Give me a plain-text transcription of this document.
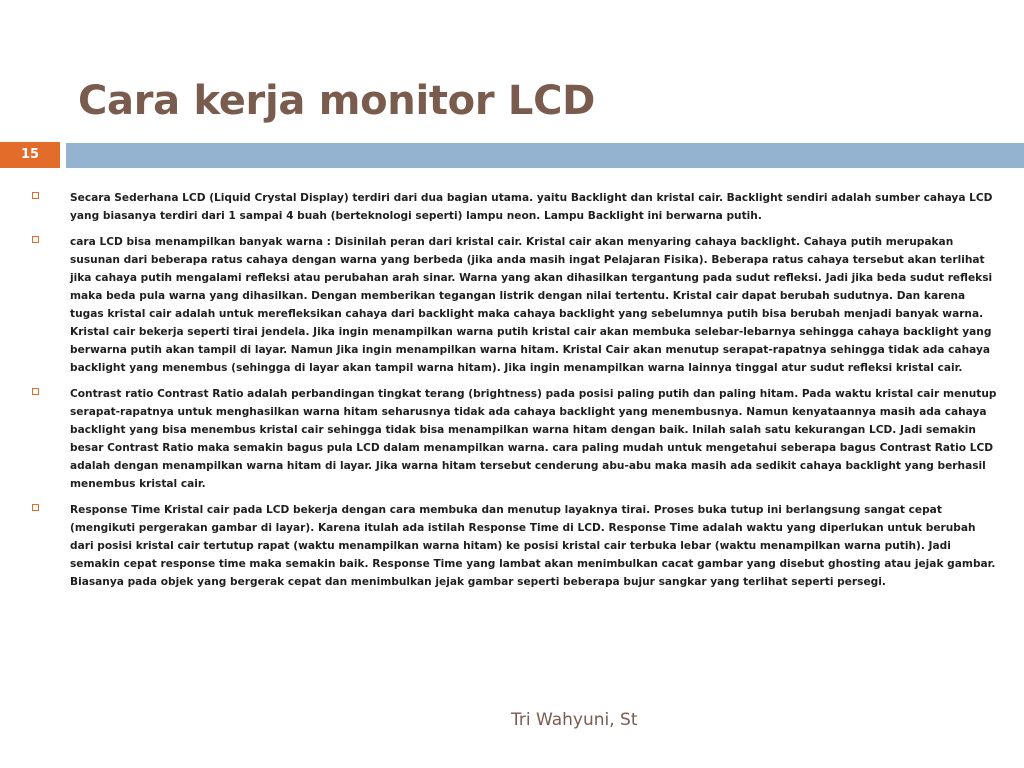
Cara kerja monitor LCD
15
Secara Sederhana LCD (Liquid Crystal Display) terdiri dari dua bagian utama. yaitu Backlight dan kristal cair. Backlight sendiri adalah sumber cahaya LCD yang biasanya terdiri dari 1 sampai 4 buah (berteknologi seperti) lampu neon. Lampu Backlight ini berwarna putih.
cara LCD bisa menampilkan banyak warna : Disinilah peran dari kristal cair. Kristal cair akan menyaring cahaya backlight. Cahaya putih merupakan susunan dari beberapa ratus cahaya dengan warna yang berbeda (jika anda masih ingat Pelajaran Fisika). Beberapa ratus cahaya tersebut akan terlihat jika cahaya putih mengalami refleksi atau perubahan arah sinar. Warna yang akan dihasilkan tergantung pada sudut refleksi. Jadi jika beda sudut refleksi maka beda pula warna yang dihasilkan. Dengan memberikan tegangan listrik dengan nilai tertentu. Kristal cair dapat berubah sudutnya. Dan karena tugas kristal cair adalah untuk merefleksikan cahaya dari backlight maka cahaya backlight yang sebelumnya putih bisa berubah menjadi banyak warna. Kristal cair bekerja seperti tirai jendela. Jika ingin menampilkan warna putih kristal cair akan membuka selebar-lebarnya sehingga cahaya backlight yang berwarna putih akan tampil di layar. Namun Jika ingin menampilkan warna hitam. Kristal Cair akan menutup serapat-rapatnya sehingga tidak ada cahaya backlight yang menembus (sehingga di layar akan tampil warna hitam). Jika ingin menampilkan warna lainnya tinggal atur sudut refleksi kristal cair.
Contrast ratio Contrast Ratio adalah perbandingan tingkat terang (brightness) pada posisi paling putih dan paling hitam. Pada waktu kristal cair menutup serapat-rapatnya untuk menghasilkan warna hitam seharusnya tidak ada cahaya backlight yang menembusnya. Namun kenyataannya masih ada cahaya backlight yang bisa menembus kristal cair sehingga tidak bisa menampilkan warna hitam dengan baik. Inilah salah satu kekurangan LCD. Jadi semakin besar Contrast Ratio maka semakin bagus pula LCD dalam menampilkan warna. cara paling mudah untuk mengetahui seberapa bagus Contrast Ratio LCD adalah dengan menampilkan warna hitam di layar. Jika warna hitam tersebut cenderung abu-abu maka masih ada sedikit cahaya backlight yang berhasil menembus kristal cair.
Response Time Kristal cair pada LCD bekerja dengan cara membuka dan menutup layaknya tirai. Proses buka tutup ini berlangsung sangat cepat (mengikuti pergerakan gambar di layar). Karena itulah ada istilah Response Time di LCD. Response Time adalah waktu yang diperlukan untuk berubah dari posisi kristal cair tertutup rapat (waktu menampilkan warna hitam) ke posisi kristal cair terbuka lebar (waktu menampilkan warna putih). Jadi semakin cepat response time maka semakin baik. Response Time yang lambat akan menimbulkan cacat gambar yang disebut ghosting atau jejak gambar. Biasanya pada objek yang bergerak cepat dan menimbulkan jejak gambar seperti beberapa bujur sangkar yang terlihat seperti persegi.
Tri Wahyuni, St
